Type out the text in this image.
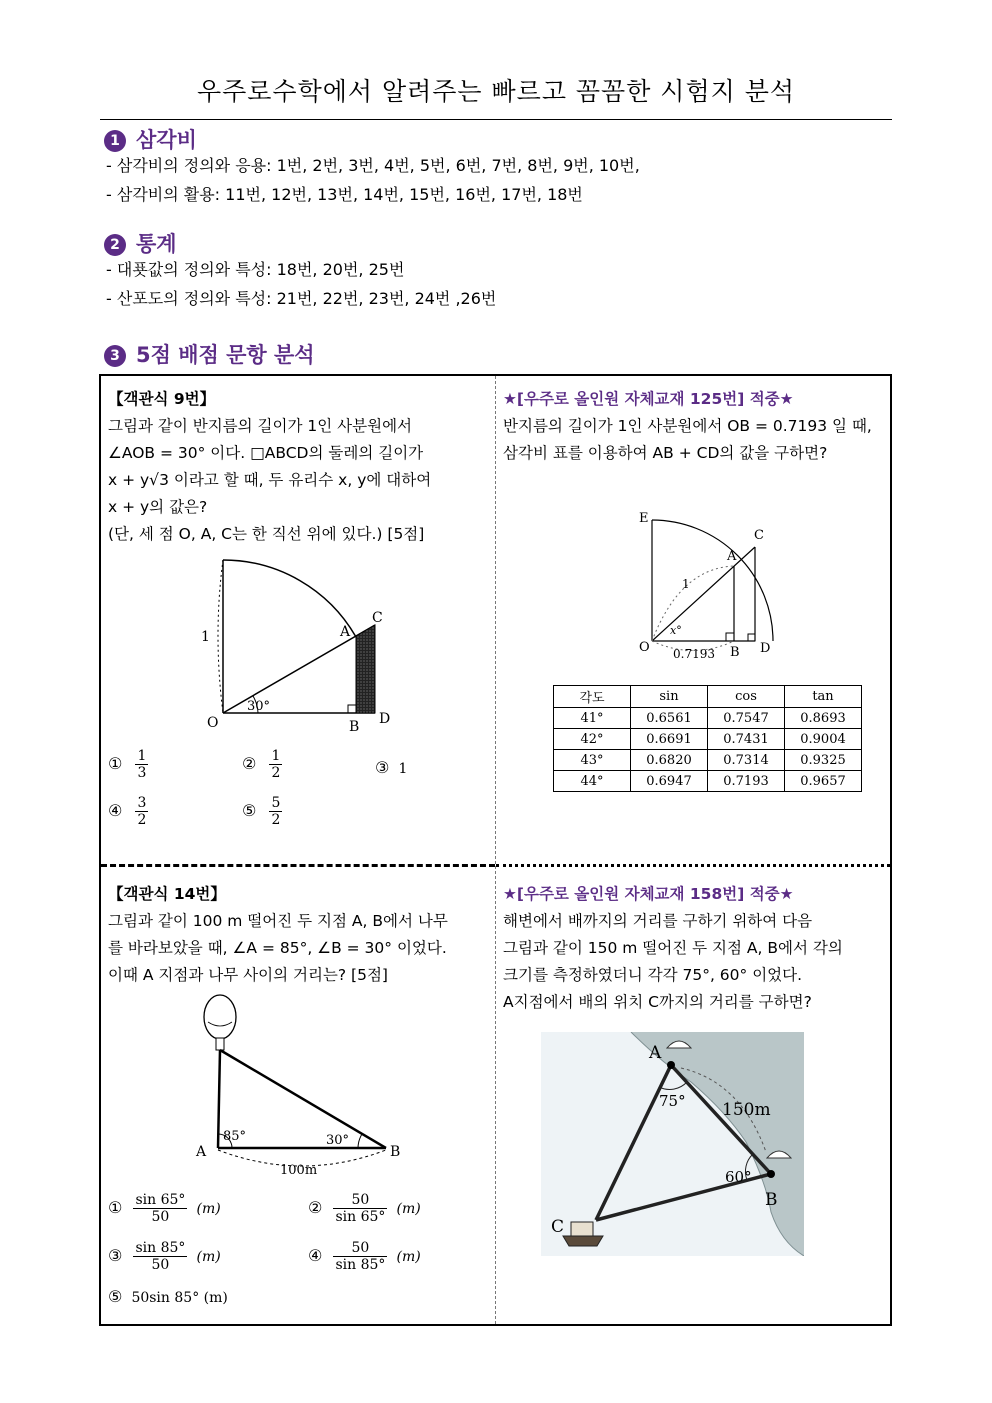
우주로수학에서 알려주는 빠르고 꼼꼼한 시험지 분석
1 삼각비
- 삼각비의 정의와 응용: 1번, 2번, 3번, 4번, 5번, 6번, 7번, 8번, 9번, 10번,
- 삼각비의 활용: 11번, 12번, 13번, 14번, 15번, 16번, 17번, 18번
2 통계
- 대푯값의 정의와 특성: 18번, 20번, 25번
- 산포도의 정의와 특성: 21번, 22번, 23번, 24번 ,26번
3 5점 배점 문항 분석
【객관식 9번】
그림과 같이 반지름의 길이가 1인 사분원에서
∠AOB = 30° 이다. □ABCD의 둘레의 길이가
x + y√3 이라고 할 때, 두 유리수 x, y에 대하여
x + y의 값은?
(단, 세 점 O, A, C는 한 직선 위에 있다.) [5점]
1
30°
O
A
C
B D
① $\frac{1}{3}$	② $\frac{1}{2}$	③ 1
④ $\frac{3}{2}$	⑤ $\frac{5}{2}$
★[우주로 올인원 자체교재 125번] 적중★
반지름의 길이가 1인 사분원에서 OB = 0.7193 일 때,
삼각비 표를 이용하여 AB + CD의 값을 구하면?
E
C
A
1
x°
O	B D
0.7193
각도	sin	cos	tan
41°	0.6561	0.7547	0.8693
42°	0.6691	0.7431	0.9004
43°	0.6820	0.7314	0.9325
44°	0.6947	0.7193	0.9657
【객관식 14번】
그림과 같이 100 m 떨어진 두 지점 A, B에서 나무
를 바라보았을 때, ∠A = 85°, ∠B = 30° 이었다.
이때 A 지점과 나무 사이의 거리는? [5점]
A	B
85°	30°
100m
① $\frac{\sin 65^\circ}{50} (m)$	② $\frac{50}{\sin 65^\circ} (m)$
③ $\frac{\sin 85^\circ}{50} (m)$	④ $\frac{50}{\sin 85^\circ} (m)$
⑤ 50sin 85° (m)
★[우주로 올인원 자체교재 158번] 적중★
해변에서 배까지의 거리를 구하기 위하여 다음
그림과 같이 150 m 떨어진 두 지점 A, B에서 각의
크기를 측정하였더니 각각 75°, 60° 이었다.
A지점에서 배의 위치 C까지의 거리를 구하면?
A
B
C
75°
60°
150m
